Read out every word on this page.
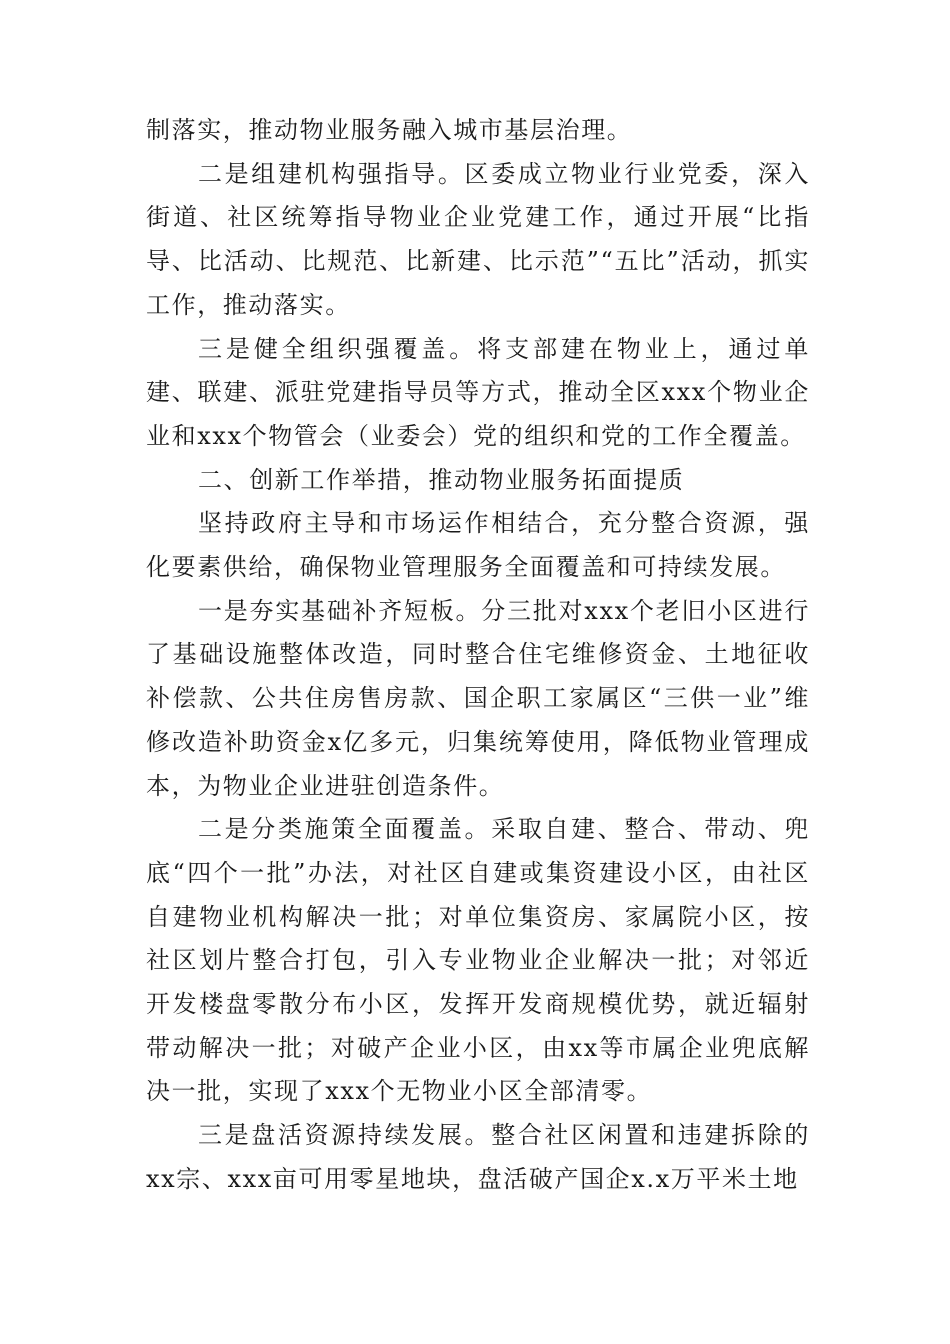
制落实，推动物业服务融入城市基层治理。

二是组建机构强指导。区委成立物业行业党委，深入街道、社区统筹指导物业企业党建工作，通过开展“比指导、比活动、比规范、比新建、比示范”“五比”活动，抓实工作，推动落实。

三是健全组织强覆盖。将支部建在物业上，通过单建、联建、派驻党建指导员等方式，推动全区xxx个物业企业和xxx个物管会（业委会）党的组织和党的工作全覆盖。

二、创新工作举措，推动物业服务拓面提质

坚持政府主导和市场运作相结合，充分整合资源，强化要素供给，确保物业管理服务全面覆盖和可持续发展。

一是夯实基础补齐短板。分三批对xxx个老旧小区进行了基础设施整体改造，同时整合住宅维修资金、土地征收补偿款、公共住房售房款、国企职工家属区“三供一业”维修改造补助资金x亿多元，归集统筹使用，降低物业管理成本，为物业企业进驻创造条件。

二是分类施策全面覆盖。采取自建、整合、带动、兜底“四个一批”办法，对社区自建或集资建设小区，由社区自建物业机构解决一批；对单位集资房、家属院小区，按社区划片整合打包，引入专业物业企业解决一批；对邻近开发楼盘零散分布小区，发挥开发商规模优势，就近辐射带动解决一批；对破产企业小区，由xx等市属企业兜底解决一批，实现了xxx个无物业小区全部清零。

三是盘活资源持续发展。整合社区闲置和违建拆除的xx宗、xxx亩可用零星地块，盘活破产国企x.x万平米土地
